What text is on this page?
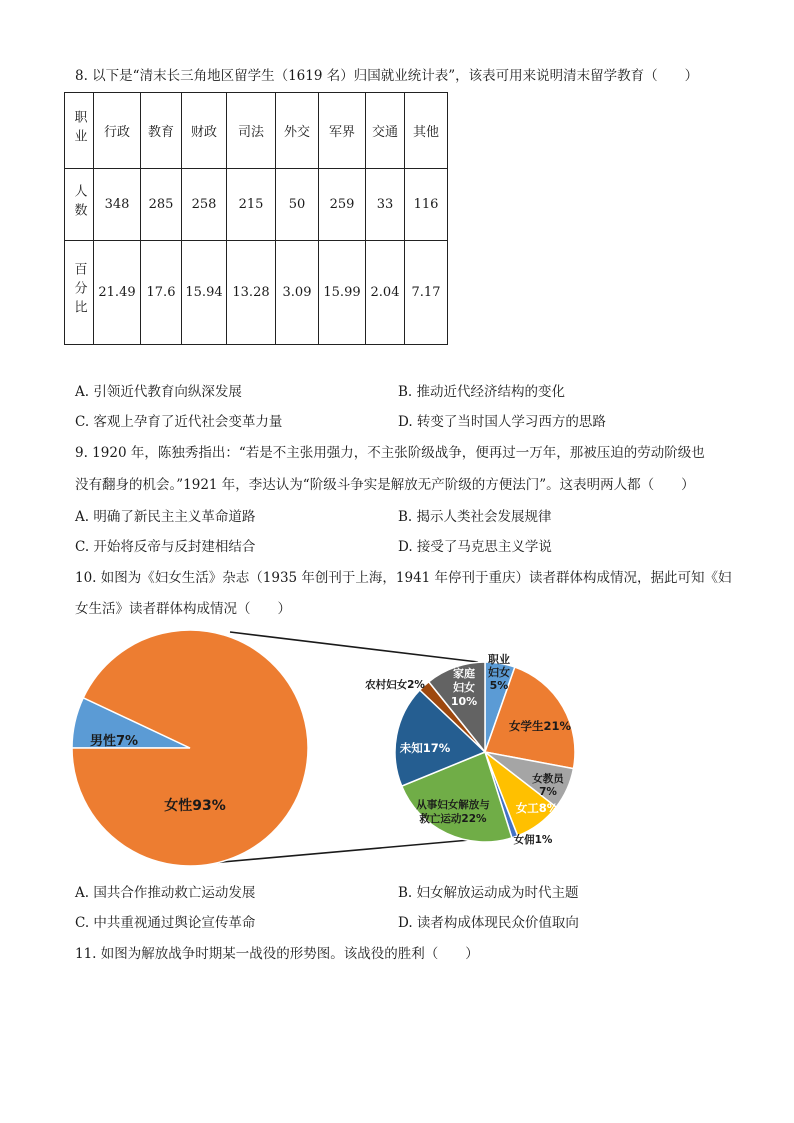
8. 以下是“清末长三角地区留学生（1619 名）归国就业统计表”，该表可用来说明清末留学教育（　　）
职业	行政	教育	财政	司法	外交	军界	交通	其他
人数	348	285	258	215	50	259	33	116
百分比	21.49	17.6	15.94	13.28	3.09	15.99	2.04	7.17
A. 引领近代教育向纵深发展	B. 推动近代经济结构的变化
C. 客观上孕育了近代社会变革力量	D. 转变了当时国人学习西方的思路
9. 1920 年，陈独秀指出：“若是不主张用强力，不主张阶级战争，便再过一万年，那被压迫的劳动阶级也
没有翻身的机会。”1921 年，李达认为“阶级斗争实是解放无产阶级的方便法门”。这表明两人都（　　）
A. 明确了新民主主义革命道路	B. 揭示人类社会发展规律
C. 开始将反帝与反封建相结合	D. 接受了马克思主义学说
10. 如图为《妇女生活》杂志（1935 年创刊于上海，1941 年停刊于重庆）读者群体构成情况，据此可知《妇
女生活》读者群体构成情况（　　）
男性7%
女性93%
职业妇女 5%
女学生21%
女教员 7%
女工8%
女佣1%
从事妇女解放与救亡运动22%
未知17%
农村妇女2%
家庭妇女 10%
A. 国共合作推动救亡运动发展	B. 妇女解放运动成为时代主题
C. 中共重视通过舆论宣传革命	D. 读者构成体现民众价值取向
11. 如图为解放战争时期某一战役的形势图。该战役的胜利（　　）
